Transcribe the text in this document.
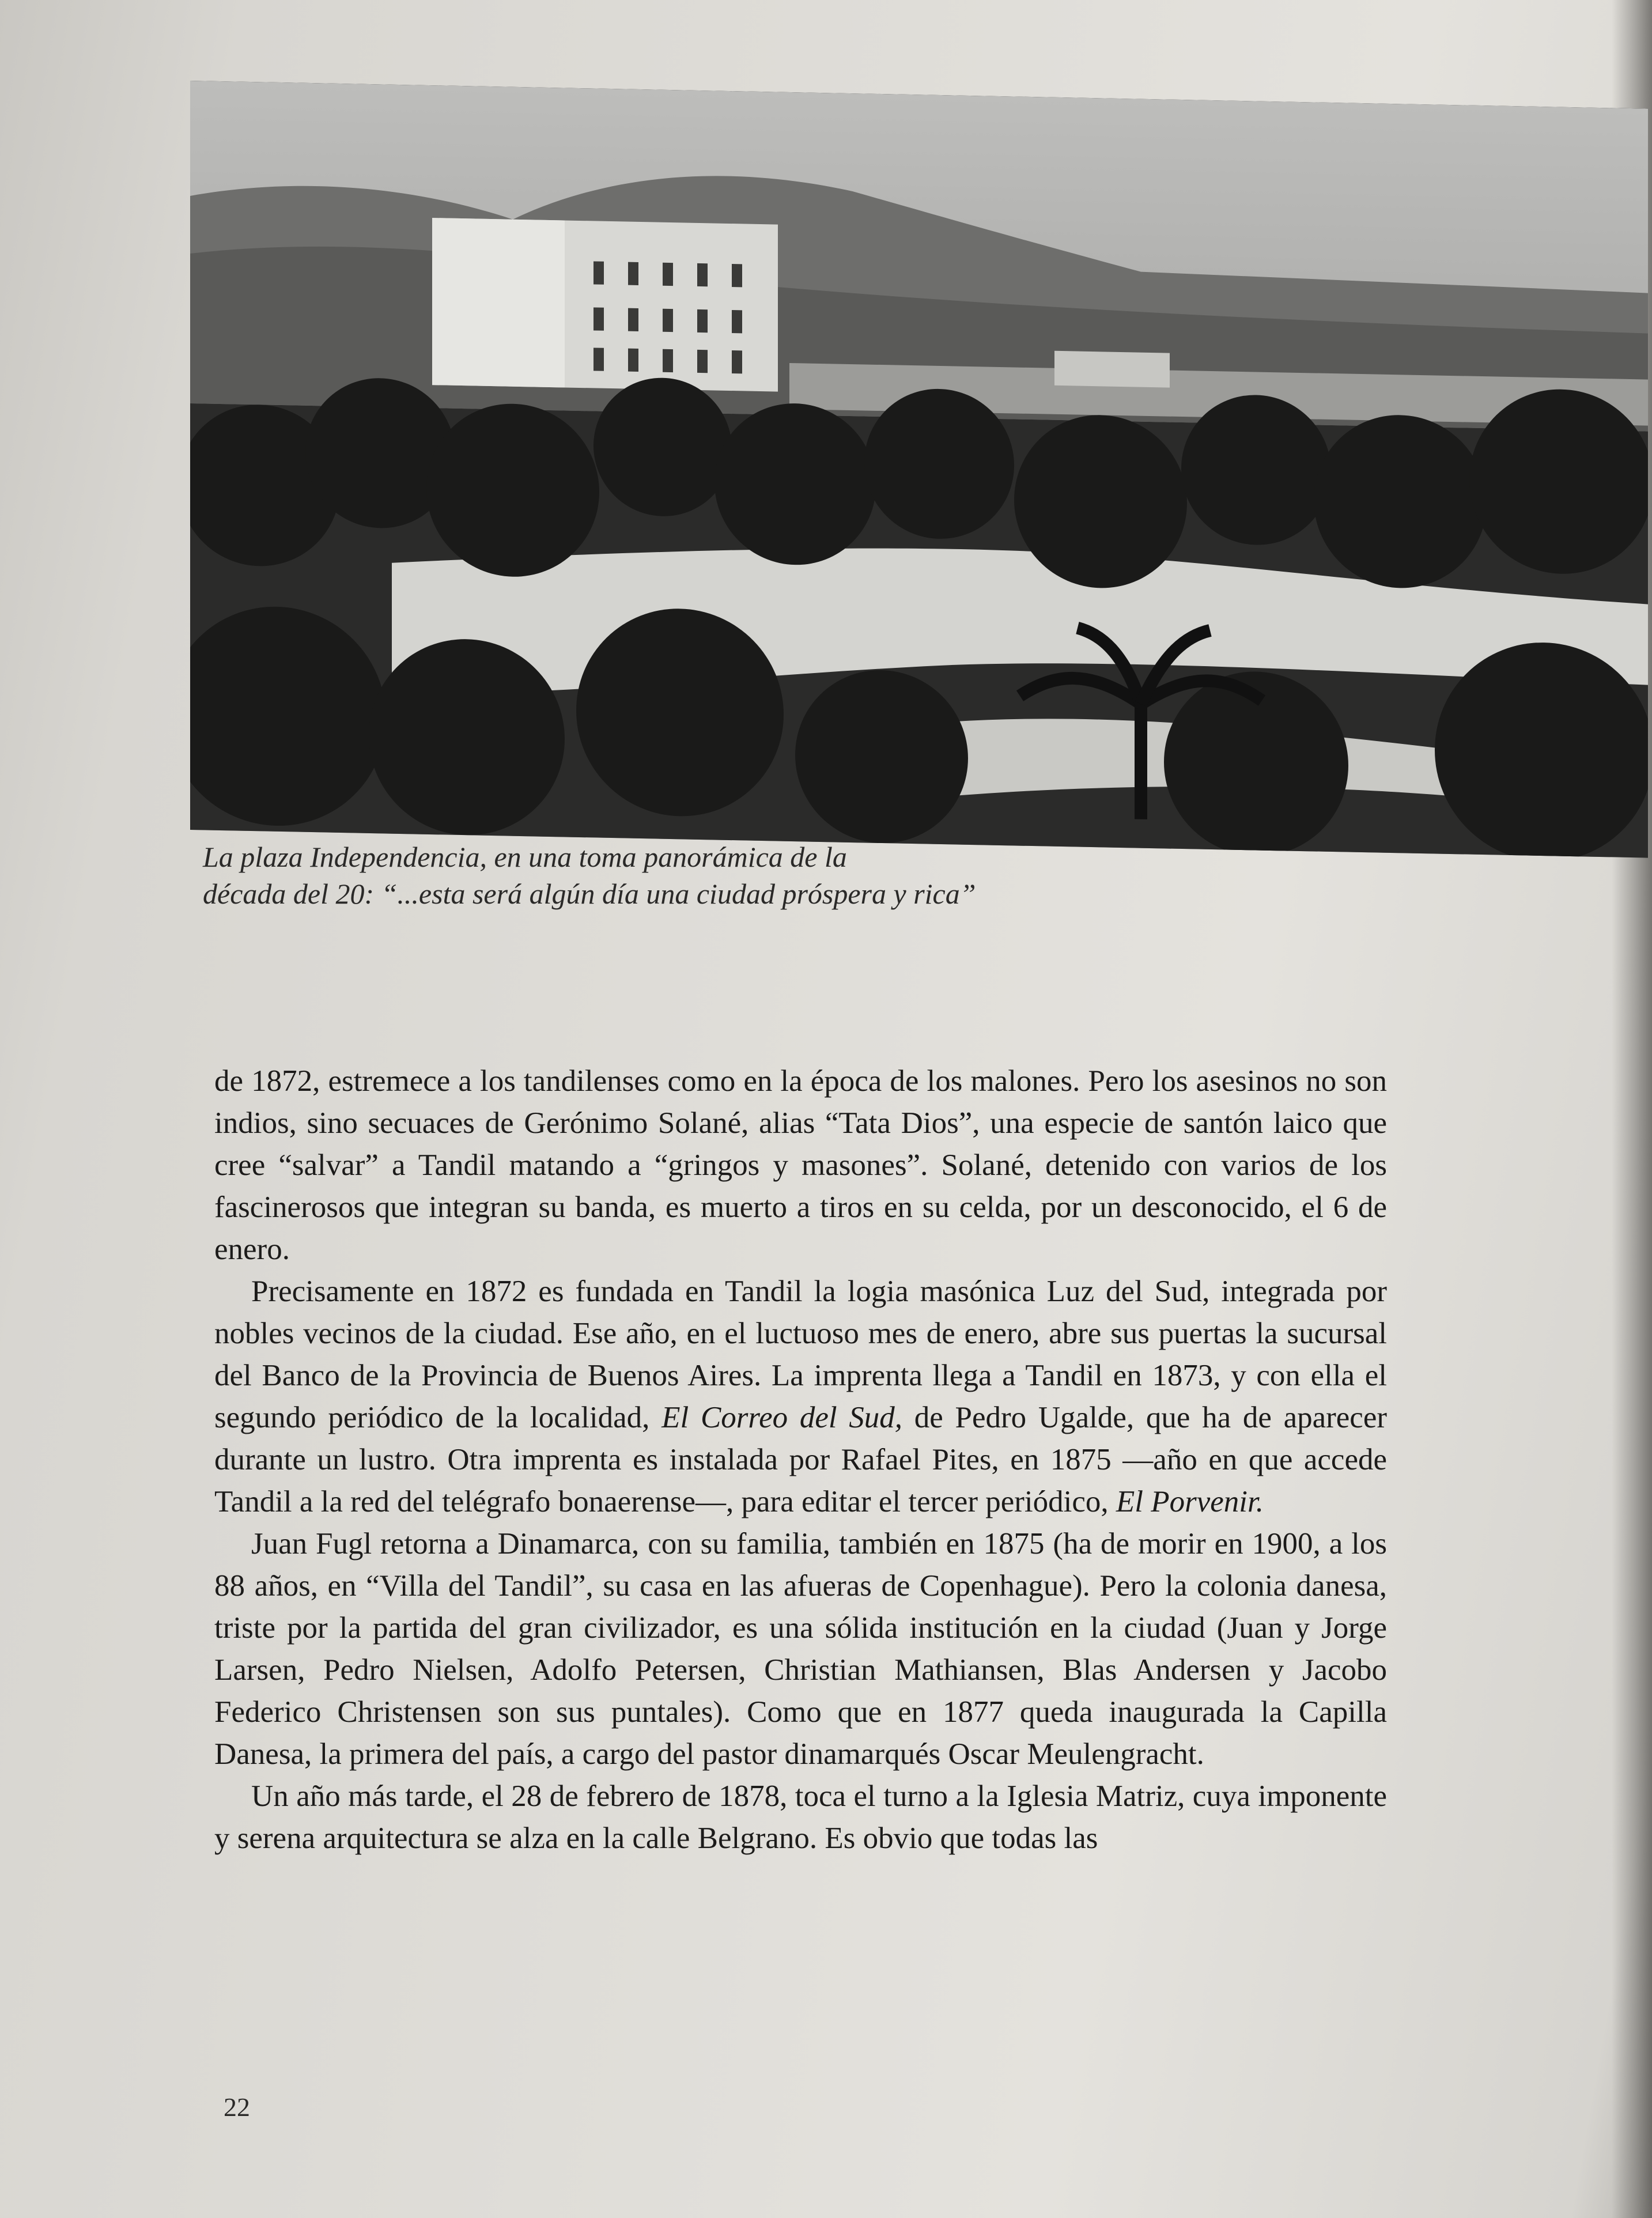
La plaza Independencia, en una toma panorámica de la
década del 20: “...esta será algún día una ciudad próspera y rica”

de 1872, estremece a los tandilenses como en la época de los malones. Pero los asesinos no son indios, sino secuaces de Gerónimo Solané, alias “Tata Dios”, una especie de santón laico que cree “salvar” a Tandil matando a “gringos y masones”. Solané, detenido con varios de los fascinerosos que integran su banda, es muerto a tiros en su celda, por un desconocido, el 6 de enero.

Precisamente en 1872 es fundada en Tandil la logia masónica Luz del Sud, integrada por nobles vecinos de la ciudad. Ese año, en el luctuoso mes de enero, abre sus puertas la sucursal del Banco de la Provincia de Buenos Aires. La imprenta llega a Tandil en 1873, y con ella el segundo periódico de la localidad, El Correo del Sud, de Pedro Ugalde, que ha de aparecer durante un lustro. Otra imprenta es instalada por Rafael Pites, en 1875 —año en que accede Tandil a la red del telégrafo bonaerense—, para editar el tercer periódico, El Porvenir.

Juan Fugl retorna a Dinamarca, con su familia, también en 1875 (ha de morir en 1900, a los 88 años, en “Villa del Tandil”, su casa en las afueras de Copenhague). Pero la colonia danesa, triste por la partida del gran civilizador, es una sólida institución en la ciudad (Juan y Jorge Larsen, Pedro Nielsen, Adolfo Petersen, Christian Mathiansen, Blas Andersen y Jacobo Federico Christensen son sus puntales). Como que en 1877 queda inaugurada la Capilla Danesa, la primera del país, a cargo del pastor dinamarqués Oscar Meulengracht.

Un año más tarde, el 28 de febrero de 1878, toca el turno a la Iglesia Matriz, cuya imponente y serena arquitectura se alza en la calle Belgrano. Es obvio que todas las

22
